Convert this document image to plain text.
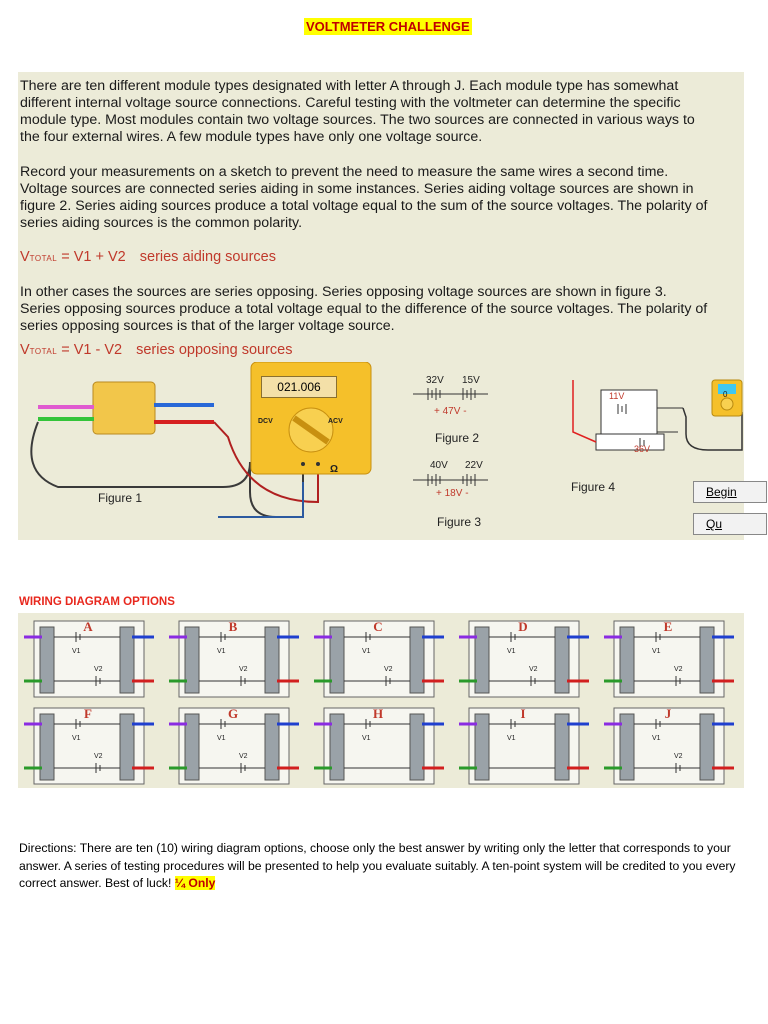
VOLTMETER CHALLENGE
There are ten different module types designated with letter A through J. Each module type has somewhat
different internal voltage source connections. Careful testing with the voltmeter can determine the specific
module type. Most modules contain two voltage sources. The two sources are connected in various ways to
the four external wires. A few module types have only one voltage source.
Record your measurements on a sketch to prevent the need to measure the same wires a second time.
Voltage sources are connected series aiding in some instances. Series aiding voltage sources are shown in
figure 2. Series aiding sources produce a total voltage equal to the sum of the source voltages. The polarity of
series aiding sources is the common polarity.
VTOTAL = V1 + V2 series aiding sources
In other cases the sources are series opposing. Series opposing voltage sources are shown in figure 3.
Series opposing sources produce a total voltage equal to the difference of the source voltages. The polarity of
series opposing sources is that of the larger voltage source.
VTOTAL = V1 - V2 series opposing sources
021.006
DCV	ACV
Ω
Figure 1
32V 15V
+ 47V -
Figure 2
40V 22V
+ 18V -
Figure 3
11V
36V
0
Figure 4	Begin
Qu
WIRING DIAGRAM OPTIONS
A
V1
V2
B
V1
V2
C
V1
V2
D
V1
V2
E
V1
V2
F
V1
V2
G
V1
V2
H
V1
I
V1
J
V1
V2
Directions: There are ten (10) wiring diagram options, choose only the best answer by writing only the letter that corresponds to your answer. A series of testing procedures will be presented to help you evaluate suitably. A ten-point system will be credited to you every correct answer. Best of luck! ¼ Only
